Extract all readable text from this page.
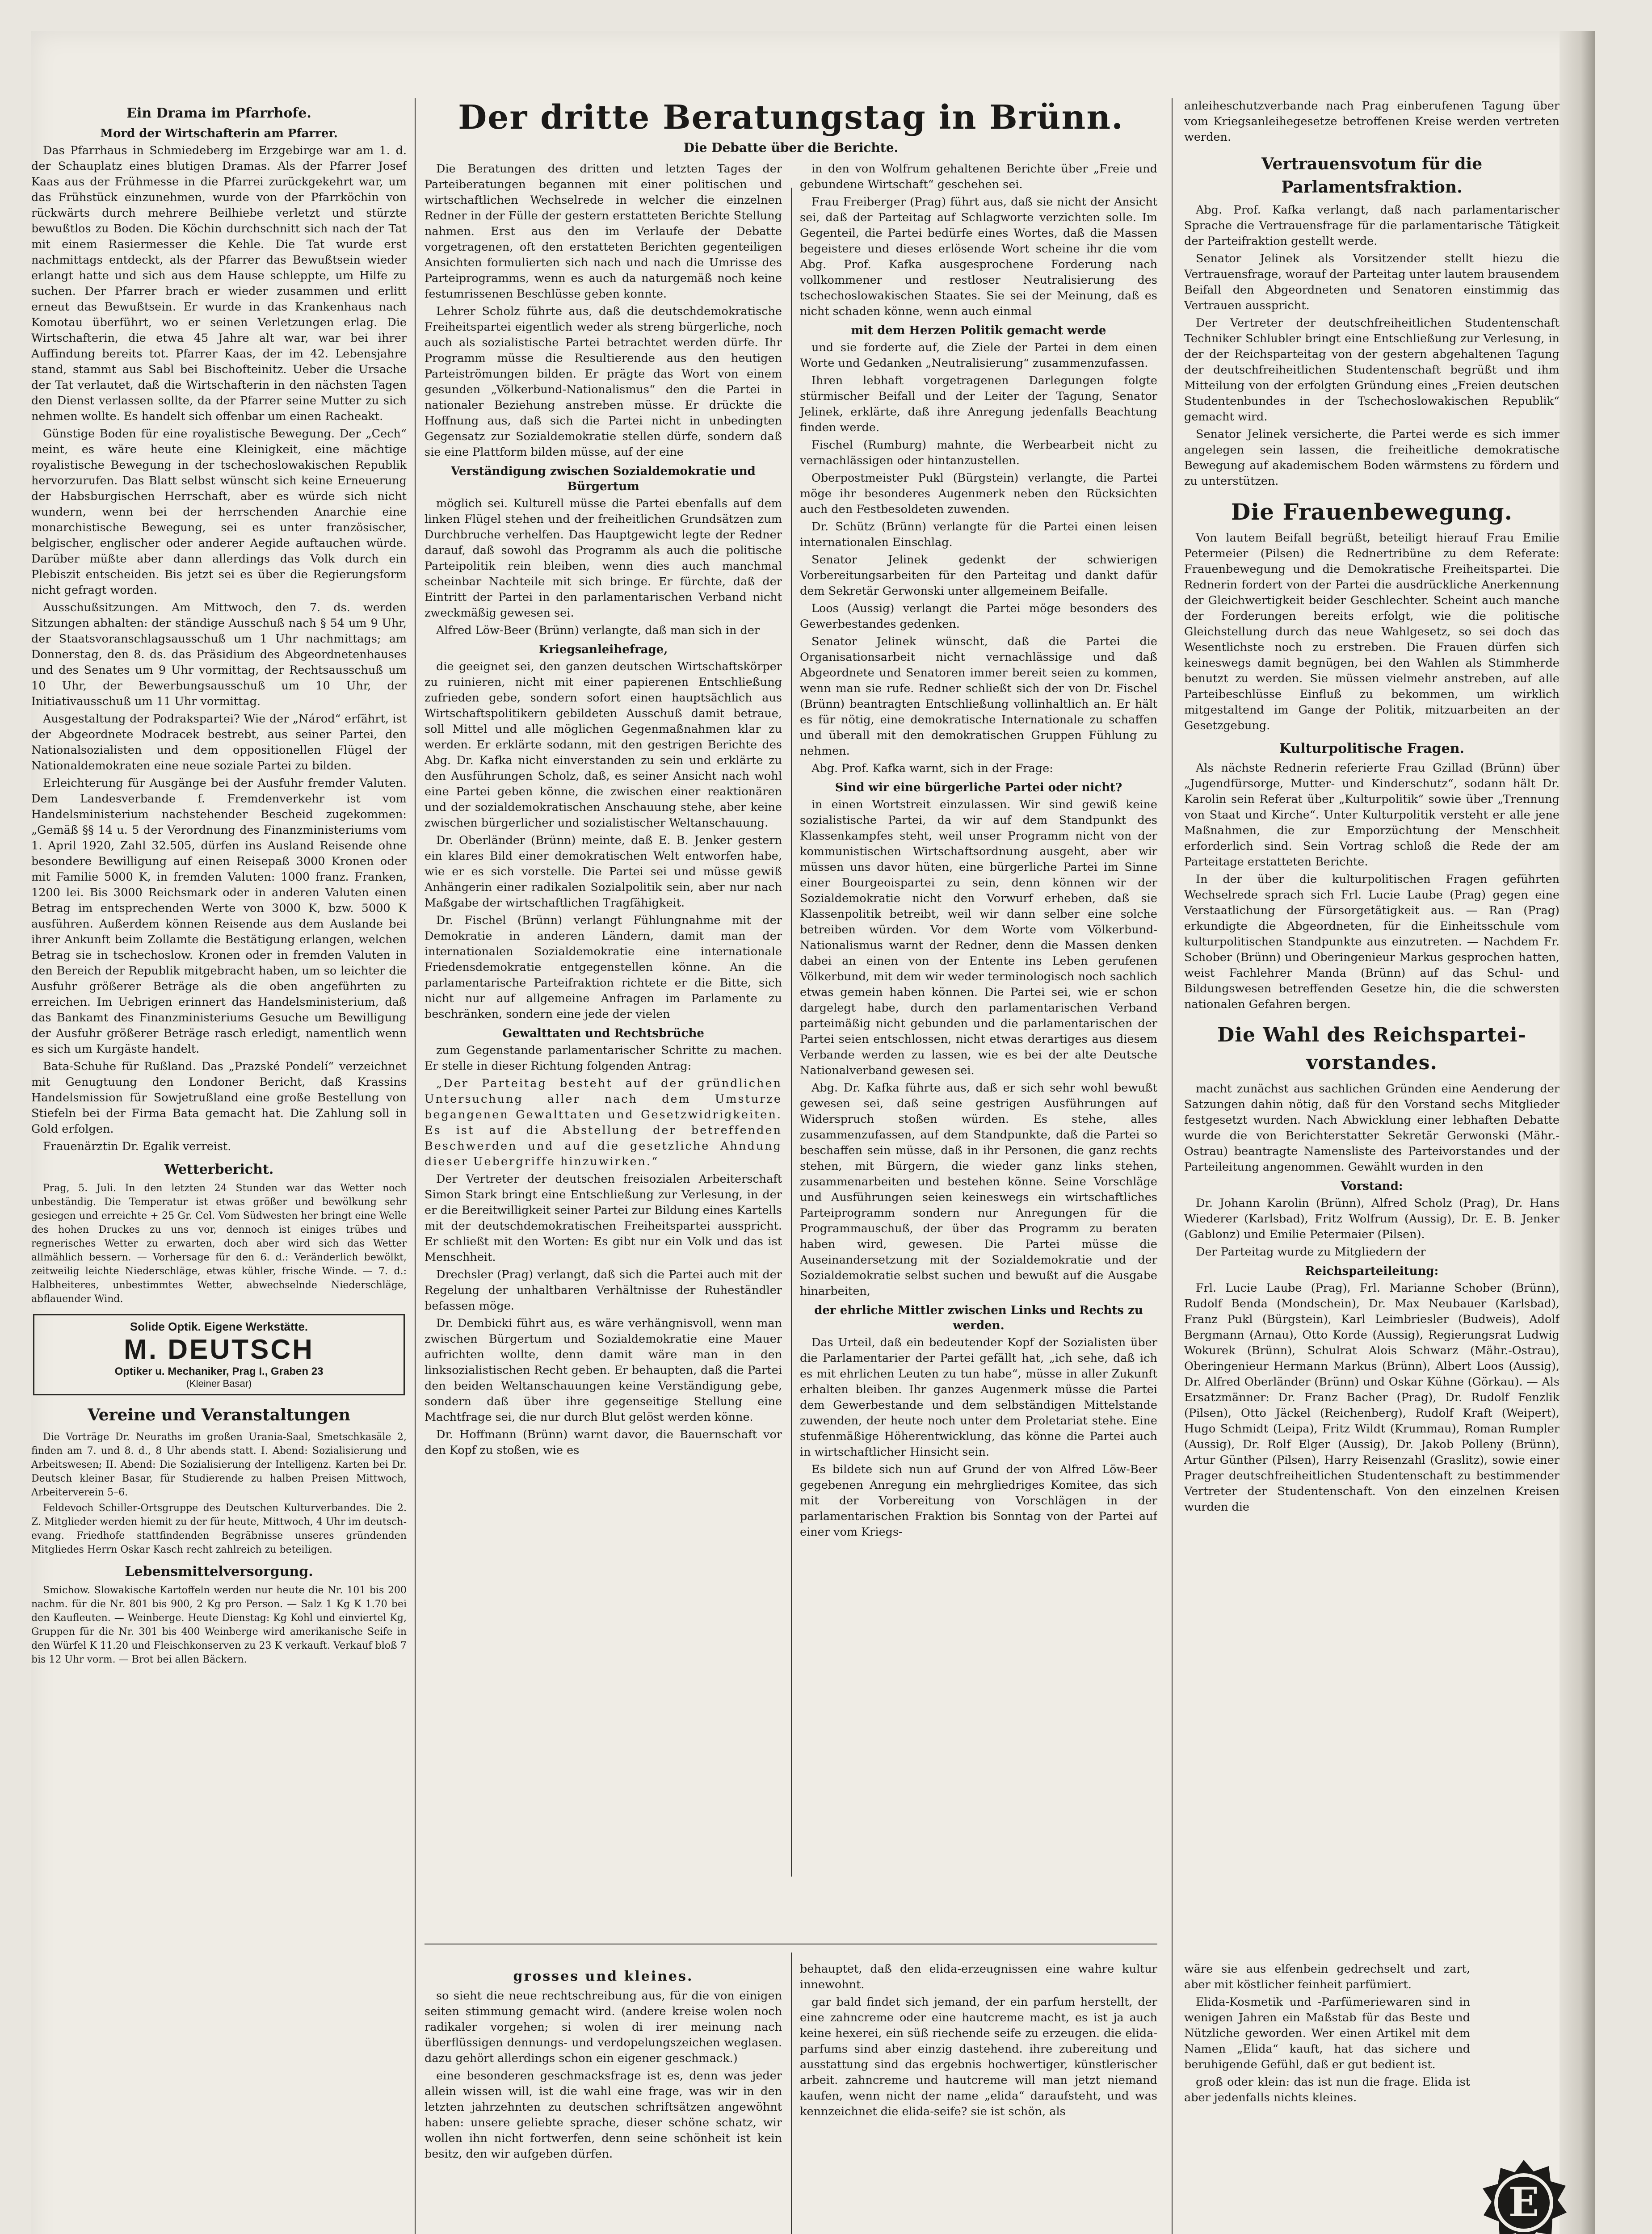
Ein Drama im Pfarrhofe.
Mord der Wirtschafterin am Pfarrer.

Das Pfarrhaus in Schmiedeberg im Erzgebirge war am 1. d. der Schauplatz eines blutigen Dramas. Als der Pfarrer Josef Kaas aus der Frühmesse in die Pfarrei zurückgekehrt war, um das Frühstück einzunehmen, wurde von der Pfarrköchin von rückwärts durch mehrere Beilhiebe verletzt und stürzte bewußtlos zu Boden. Die Köchin durchschnitt sich nach der Tat mit einem Rasiermesser die Kehle. Die Tat wurde erst nachmittags entdeckt, als der Pfarrer das Bewußtsein wieder erlangt hatte und sich aus dem Hause schleppte, um Hilfe zu suchen. Der Pfarrer brach er wieder zusammen und erlitt erneut das Bewußtsein. Er wurde in das Krankenhaus nach Komotau überführt, wo er seinen Verletzungen erlag. Die Wirtschafterin, die etwa 45 Jahre alt war, war bei ihrer Auffindung bereits tot. Pfarrer Kaas, der im 42. Lebensjahre stand, stammt aus Sabl bei Bischofteinitz. Ueber die Ursache der Tat verlautet, daß die Wirtschafterin in den nächsten Tagen den Dienst verlassen sollte, da der Pfarrer seine Mutter zu sich nehmen wollte. Es handelt sich offenbar um einen Racheakt.

Günstige Boden für eine royalistische Bewegung. Der „Cech“ meint, es wäre heute eine Kleinigkeit, eine mächtige royalistische Bewegung in der tschechoslowakischen Republik hervorzurufen. Das Blatt selbst wünscht sich keine Erneuerung der Habsburgischen Herrschaft, aber es würde sich nicht wundern, wenn bei der herrschenden Anarchie eine monarchistische Bewegung, sei es unter französischer, belgischer, englischer oder anderer Aegide auftauchen würde. Darüber müßte aber dann allerdings das Volk durch ein Plebiszit entscheiden. Bis jetzt sei es über die Regierungsform nicht gefragt worden.

Ausschußsitzungen. Am Mittwoch, den 7. ds. werden Sitzungen abhalten: der ständige Ausschuß nach § 54 um 9 Uhr, der Staatsvoranschlagsausschuß um 1 Uhr nachmittags; am Donnerstag, den 8. ds. das Präsidium des Abgeordnetenhauses und des Senates um 9 Uhr vormittag, der Rechtsausschuß um 10 Uhr, der Bewerbungsausschuß um 10 Uhr, der Initiativausschuß um 11 Uhr vormittag.

Ausgestaltung der Podrakspartei? Wie der „Národ“ erfährt, ist der Abgeordnete Modracek bestrebt, aus seiner Partei, den Nationalsozialisten und dem oppositionellen Flügel der Nationaldemokraten eine neue soziale Partei zu bilden.

Erleichterung für Ausgänge bei der Ausfuhr fremder Valuten. Dem Landesverbande f. Fremdenverkehr ist vom Handelsministerium nachstehender Bescheid zugekommen: „Gemäß §§ 14 u. 5 der Verordnung des Finanzministeriums vom 1. April 1920, Zahl 32.505, dürfen ins Ausland Reisende ohne besondere Bewilligung auf einen Reisepaß 3000 Kronen oder mit Familie 5000 K, in fremden Valuten: 1000 franz. Franken, 1200 lei. Bis 3000 Reichsmark oder in anderen Valuten einen Betrag im entsprechenden Werte von 3000 K, bzw. 5000 K ausführen. Außerdem können Reisende aus dem Auslande bei ihrer Ankunft beim Zollamte die Bestätigung erlangen, welchen Betrag sie in tschechoslow. Kronen oder in fremden Valuten in den Bereich der Republik mitgebracht haben, um so leichter die Ausfuhr größerer Beträge als die oben angeführten zu erreichen. Im Uebrigen erinnert das Handelsministerium, daß das Bankamt des Finanzministeriums Gesuche um Bewilligung der Ausfuhr größerer Beträge rasch erledigt, namentlich wenn es sich um Kurgäste handelt.

Bata-Schuhe für Rußland. Das „Prazské Pondelí“ verzeichnet mit Genugtuung den Londoner Bericht, daß Krassins Handelsmission für Sowjetrußland eine große Bestellung von Stiefeln bei der Firma Bata gemacht hat. Die Zahlung soll in Gold erfolgen.

Frauenärztin Dr. Egalik verreist.

Wetterbericht.

Prag, 5. Juli. In den letzten 24 Stunden war das Wetter noch unbeständig. Die Temperatur ist etwas größer und bewölkung sehr gesiegen und erreichte + 25 Gr. Cel. Vom Südwesten her bringt eine Welle des hohen Druckes zu uns vor, dennoch ist einiges trübes und regnerisches Wetter zu erwarten, doch aber wird sich das Wetter allmählich bessern. — Vorhersage für den 6. d.: Veränderlich bewölkt, zeitweilig leichte Niederschläge, etwas kühler, frische Winde. — 7. d.: Halbheiteres, unbestimmtes Wetter, abwechselnde Niederschläge, abflauender Wind.

Solide Optik. Eigene Werkstätte.
M. DEUTSCH
Optiker u. Mechaniker, Prag I., Graben 23
(Kleiner Basar)
Vereine und Veranstaltungen

Die Vorträge Dr. Neuraths im großen Urania-Saal, Smetschkasäle 2, finden am 7. und 8. d., 8 Uhr abends statt. I. Abend: Sozialisierung und Arbeitswesen; II. Abend: Die Sozialisierung der Intelligenz. Karten bei Dr. Deutsch kleiner Basar, für Studierende zu halben Preisen Mittwoch, Arbeiterverein 5–6.

Feldevoch Schiller-Ortsgruppe des Deutschen Kulturverbandes. Die 2. Z. Mitglieder werden hiemit zu der für heute, Mittwoch, 4 Uhr im deutsch-evang. Friedhofe stattfindenden Begräbnisse unseres gründenden Mitgliedes Herrn Oskar Kasch recht zahlreich zu beteiligen.

Lebensmittelversorgung.

Smichow. Slowakische Kartoffeln werden nur heute die Nr. 101 bis 200 nachm. für die Nr. 801 bis 900, 2 Kg pro Person. — Salz 1 Kg K 1.70 bei den Kaufleuten. — Weinberge. Heute Dienstag: Kg Kohl und einviertel Kg, Gruppen für die Nr. 301 bis 400 Weinberge wird amerikanische Seife in den Würfel K 11.20 und Fleischkonserven zu 23 K verkauft. Verkauf bloß 7 bis 12 Uhr vorm. — Brot bei allen Bäckern.

Der dritte Beratungstag in Brünn.
Die Debatte über die Berichte.

Die Beratungen des dritten und letzten Tages der Parteiberatungen begannen mit einer politischen und wirtschaftlichen Wechselrede in welcher die einzelnen Redner in der Fülle der gestern erstatteten Berichte Stellung nahmen. Erst aus den im Verlaufe der Debatte vorgetragenen, oft den erstatteten Berichten gegenteiligen Ansichten formulierten sich nach und nach die Umrisse des Parteiprogramms, wenn es auch da naturgemäß noch keine festumrissenen Beschlüsse geben konnte.

Lehrer Scholz führte aus, daß die deutschdemokratische Freiheitspartei eigentlich weder als streng bürgerliche, noch auch als sozialistische Partei betrachtet werden dürfe. Ihr Programm müsse die Resultierende aus den heutigen Parteiströmungen bilden. Er prägte das Wort von einem gesunden „Völkerbund-Nationalismus“ den die Partei in nationaler Beziehung anstreben müsse. Er drückte die Hoffnung aus, daß sich die Partei nicht in unbedingten Gegensatz zur Sozialdemokratie stellen dürfe, sondern daß sie eine Plattform bilden müsse, auf der eine

Verständigung zwischen Sozialdemokratie und Bürgertum

möglich sei. Kulturell müsse die Partei ebenfalls auf dem linken Flügel stehen und der freiheitlichen Grundsätzen zum Durchbruche verhelfen. Das Hauptgewicht legte der Redner darauf, daß sowohl das Programm als auch die politische Parteipolitik rein bleiben, wenn dies auch manchmal scheinbar Nachteile mit sich bringe. Er fürchte, daß der Eintritt der Partei in den parlamentarischen Verband nicht zweckmäßig gewesen sei.

Alfred Löw-Beer (Brünn) verlangte, daß man sich in der

Kriegsanleihefrage,

die geeignet sei, den ganzen deutschen Wirtschaftskörper zu ruinieren, nicht mit einer papierenen Entschließung zufrieden gebe, sondern sofort einen hauptsächlich aus Wirtschaftspolitikern gebildeten Ausschuß damit betraue, soll Mittel und alle möglichen Gegenmaßnahmen klar zu werden. Er erklärte sodann, mit den gestrigen Berichte des Abg. Dr. Kafka nicht einverstanden zu sein und erklärte zu den Ausführungen Scholz, daß, es seiner Ansicht nach wohl eine Partei geben könne, die zwischen einer reaktionären und der sozialdemokratischen Anschauung stehe, aber keine zwischen bürgerlicher und sozialistischer Weltanschauung.

Dr. Oberländer (Brünn) meinte, daß E. B. Jenker gestern ein klares Bild einer demokratischen Welt entworfen habe, wie er es sich vorstelle. Die Partei sei und müsse gewiß Anhängerin einer radikalen Sozialpolitik sein, aber nur nach Maßgabe der wirtschaftlichen Tragfähigkeit.

Dr. Fischel (Brünn) verlangt Fühlungnahme mit der Demokratie in anderen Ländern, damit man der internationalen Sozialdemokratie eine internationale Friedensdemokratie entgegenstellen könne. An die parlamentarische Parteifraktion richtete er die Bitte, sich nicht nur auf allgemeine Anfragen im Parlamente zu beschränken, sondern eine jede der vielen

Gewalttaten und Rechtsbrüche

zum Gegenstande parlamentarischer Schritte zu machen. Er stelle in dieser Richtung folgenden Antrag:

„Der Parteitag besteht auf der gründlichen Untersuchung aller nach dem Umsturze begangenen Gewalttaten und Gesetzwidrigkeiten. Es ist auf die Abstellung der betreffenden Beschwerden und auf die gesetzliche Ahndung dieser Uebergriffe hinzuwirken.“

Der Vertreter der deutschen freisozialen Arbeiterschaft Simon Stark bringt eine Entschließung zur Verlesung, in der er die Bereitwilligkeit seiner Partei zur Bildung eines Kartells mit der deutschdemokratischen Freiheitspartei ausspricht. Er schließt mit den Worten: Es gibt nur ein Volk und das ist Menschheit.

Drechsler (Prag) verlangt, daß sich die Partei auch mit der Regelung der unhaltbaren Verhältnisse der Ruheständler befassen möge.

Dr. Dembicki führt aus, es wäre verhängnisvoll, wenn man zwischen Bürgertum und Sozialdemokratie eine Mauer aufrichten wollte, denn damit wäre man in den linksozialistischen Recht geben. Er behaupten, daß die Partei den beiden Weltanschauungen keine Verständigung gebe, sondern daß über ihre gegenseitige Stellung eine Machtfrage sei, die nur durch Blut gelöst werden könne.

Dr. Hoffmann (Brünn) warnt davor, die Bauernschaft vor den Kopf zu stoßen, wie es

in den von Wolfrum gehaltenen Berichte über „Freie und gebundene Wirtschaft“ geschehen sei.

Frau Freiberger (Prag) führt aus, daß sie nicht der Ansicht sei, daß der Parteitag auf Schlagworte verzichten solle. Im Gegenteil, die Partei bedürfe eines Wortes, daß die Massen begeistere und dieses erlösende Wort scheine ihr die vom Abg. Prof. Kafka ausgesprochene Forderung nach vollkommener und restloser Neutralisierung des tschechoslowakischen Staates. Sie sei der Meinung, daß es nicht schaden könne, wenn auch einmal

mit dem Herzen Politik gemacht werde

und sie forderte auf, die Ziele der Partei in dem einen Worte und Gedanken „Neutralisierung“ zusammenzufassen.

Ihren lebhaft vorgetragenen Darlegungen folgte stürmischer Beifall und der Leiter der Tagung, Senator Jelinek, erklärte, daß ihre Anregung jedenfalls Beachtung finden werde.

Fischel (Rumburg) mahnte, die Werbearbeit nicht zu vernachlässigen oder hintanzustellen.

Oberpostmeister Pukl (Bürgstein) verlangte, die Partei möge ihr besonderes Augenmerk neben den Rücksichten auch den Festbesoldeten zuwenden.

Dr. Schütz (Brünn) verlangte für die Partei einen leisen internationalen Einschlag.

Senator Jelinek gedenkt der schwierigen Vorbereitungsarbeiten für den Parteitag und dankt dafür dem Sekretär Gerwonski unter allgemeinem Beifalle.

Loos (Aussig) verlangt die Partei möge besonders des Gewerbestandes gedenken.

Senator Jelinek wünscht, daß die Partei die Organisationsarbeit nicht vernachlässige und daß Abgeordnete und Senatoren immer bereit seien zu kommen, wenn man sie rufe. Redner schließt sich der von Dr. Fischel (Brünn) beantragten Entschließung vollinhaltlich an. Er hält es für nötig, eine demokratische Internationale zu schaffen und überall mit den demokratischen Gruppen Fühlung zu nehmen.

Abg. Prof. Kafka warnt, sich in der Frage:

Sind wir eine bürgerliche Partei oder nicht?

in einen Wortstreit einzulassen. Wir sind gewiß keine sozialistische Partei, da wir auf dem Standpunkt des Klassenkampfes steht, weil unser Programm nicht von der kommunistischen Wirtschaftsordnung ausgeht, aber wir müssen uns davor hüten, eine bürgerliche Partei im Sinne einer Bourgeoispartei zu sein, denn können wir der Sozialdemokratie nicht den Vorwurf erheben, daß sie Klassenpolitik betreibt, weil wir dann selber eine solche betreiben würden. Vor dem Worte vom Völkerbund-Nationalismus warnt der Redner, denn die Massen denken dabei an einen von der Entente ins Leben gerufenen Völkerbund, mit dem wir weder terminologisch noch sachlich etwas gemein haben können. Die Partei sei, wie er schon dargelegt habe, durch den parlamentarischen Verband parteimäßig nicht gebunden und die parlamentarischen der Partei seien entschlossen, nicht etwas derartiges aus diesem Verbande werden zu lassen, wie es bei der alte Deutsche Nationalverband gewesen sei.

Abg. Dr. Kafka führte aus, daß er sich sehr wohl bewußt gewesen sei, daß seine gestrigen Ausführungen auf Widerspruch stoßen würden. Es stehe, alles zusammenzufassen, auf dem Standpunkte, daß die Partei so beschaffen sein müsse, daß in ihr Personen, die ganz rechts stehen, mit Bürgern, die wieder ganz links stehen, zusammenarbeiten und bestehen könne. Seine Vorschläge und Ausführungen seien keineswegs ein wirtschaftliches Parteiprogramm sondern nur Anregungen für die Programmauschuß, der über das Programm zu beraten haben wird, gewesen. Die Partei müsse die Auseinandersetzung mit der Sozialdemokratie und der Sozialdemokratie selbst suchen und bewußt auf die Ausgabe hinarbeiten,

der ehrliche Mittler zwischen Links und Rechts zu werden.

Das Urteil, daß ein bedeutender Kopf der Sozialisten über die Parlamentarier der Partei gefällt hat, „ich sehe, daß ich es mit ehrlichen Leuten zu tun habe“, müsse in aller Zukunft erhalten bleiben. Ihr ganzes Augenmerk müsse die Partei dem Gewerbestande und dem selbständigen Mittelstande zuwenden, der heute noch unter dem Proletariat stehe. Eine stufenmäßige Höherentwicklung, das könne die Partei auch in wirtschaftlicher Hinsicht sein.

Es bildete sich nun auf Grund der von Alfred Löw-Beer gegebenen Anregung ein mehrgliedriges Komitee, das sich mit der Vorbereitung von Vorschlägen in der parlamentarischen Fraktion bis Sonntag von der Partei auf einer vom Kriegs-

anleiheschutzverbande nach Prag einberufenen Tagung über vom Kriegsanleihegesetze betroffenen Kreise werden vertreten werden.

Vertrauensvotum für die Parlamentsfraktion.

Abg. Prof. Kafka verlangt, daß nach parlamentarischer Sprache die Vertrauensfrage für die parlamentarische Tätigkeit der Parteifraktion gestellt werde.

Senator Jelinek als Vorsitzender stellt hiezu die Vertrauensfrage, worauf der Parteitag unter lautem brausendem Beifall den Abgeordneten und Senatoren einstimmig das Vertrauen ausspricht.

Der Vertreter der deutschfreiheitlichen Studentenschaft Techniker Schlubler bringt eine Entschließung zur Verlesung, in der der Reichsparteitag von der gestern abgehaltenen Tagung der deutschfreiheitlichen Studentenschaft begrüßt und ihm Mitteilung von der erfolgten Gründung eines „Freien deutschen Studentenbundes in der Tschechoslowakischen Republik“ gemacht wird.

Senator Jelinek versicherte, die Partei werde es sich immer angelegen sein lassen, die freiheitliche demokratische Bewegung auf akademischem Boden wärmstens zu fördern und zu unterstützen.

Die Frauenbewegung.

Von lautem Beifall begrüßt, beteiligt hierauf Frau Emilie Petermeier (Pilsen) die Rednertribüne zu dem Referate: Frauenbewegung und die Demokratische Freiheitspartei. Die Rednerin fordert von der Partei die ausdrückliche Anerkennung der Gleichwertigkeit beider Geschlechter. Scheint auch manche der Forderungen bereits erfolgt, wie die politische Gleichstellung durch das neue Wahlgesetz, so sei doch das Wesentlichste noch zu erstreben. Die Frauen dürfen sich keineswegs damit begnügen, bei den Wahlen als Stimmherde benutzt zu werden. Sie müssen vielmehr anstreben, auf alle Parteibeschlüsse Einfluß zu bekommen, um wirklich mitgestaltend im Gange der Politik, mitzuarbeiten an der Gesetzgebung.

Kulturpolitische Fragen.

Als nächste Rednerin referierte Frau Gzillad (Brünn) über „Jugendfürsorge, Mutter- und Kinderschutz“, sodann hält Dr. Karolin sein Referat über „Kulturpolitik“ sowie über „Trennung von Staat und Kirche“. Unter Kulturpolitik versteht er alle jene Maßnahmen, die zur Emporzüchtung der Menschheit erforderlich sind. Sein Vortrag schloß die Rede der am Parteitage erstatteten Berichte.

In der über die kulturpolitischen Fragen geführten Wechselrede sprach sich Frl. Lucie Laube (Prag) gegen eine Verstaatlichung der Fürsorgetätigkeit aus. — Ran (Prag) erkundigte die Abgeordneten, für die Einheitsschule vom kulturpolitischen Standpunkte aus einzutreten. — Nachdem Fr. Schober (Brünn) und Oberingenieur Markus gesprochen hatten, weist Fachlehrer Manda (Brünn) auf das Schul- und Bildungswesen betreffenden Gesetze hin, die die schwersten nationalen Gefahren bergen.

Die Wahl des Reichspartei-vorstandes.

macht zunächst aus sachlichen Gründen eine Aenderung der Satzungen dahin nötig, daß für den Vorstand sechs Mitglieder festgesetzt wurden. Nach Abwicklung einer lebhaften Debatte wurde die von Berichterstatter Sekretär Gerwonski (Mähr.-Ostrau) beantragte Namensliste des Parteivorstandes und der Parteileitung angenommen. Gewählt wurden in den

Vorstand:

Dr. Johann Karolin (Brünn), Alfred Scholz (Prag), Dr. Hans Wiederer (Karlsbad), Fritz Wolfrum (Aussig), Dr. E. B. Jenker (Gablonz) und Emilie Petermaier (Pilsen).

Der Parteitag wurde zu Mitgliedern der

Reichsparteileitung:

Frl. Lucie Laube (Prag), Frl. Marianne Schober (Brünn), Rudolf Benda (Mondschein), Dr. Max Neubauer (Karlsbad), Franz Pukl (Bürgstein), Karl Leimbriesler (Budweis), Adolf Bergmann (Arnau), Otto Korde (Aussig), Regierungsrat Ludwig Wokurek (Brünn), Schulrat Alois Schwarz (Mähr.-Ostrau), Oberingenieur Hermann Markus (Brünn), Albert Loos (Aussig), Dr. Alfred Oberländer (Brünn) und Oskar Kühne (Görkau). — Als Ersatzmänner: Dr. Franz Bacher (Prag), Dr. Rudolf Fenzlik (Pilsen), Otto Jäckel (Reichenberg), Rudolf Kraft (Weipert), Hugo Schmidt (Leipa), Fritz Wildt (Krummau), Roman Rumpler (Aussig), Dr. Rolf Elger (Aussig), Dr. Jakob Polleny (Brünn), Artur Günther (Pilsen), Harry Reisenzahl (Graslitz), sowie einer Prager deutschfreiheitlichen Studentenschaft zu bestimmender Vertreter der Studentenschaft. Von den einzelnen Kreisen wurden die

grosses und kleines.

so sieht die neue rechtschreibung aus, für die von einigen seiten stimmung gemacht wird. (andere kreise wolen noch radikaler vorgehen; si wolen di irer meinung nach überflüssigen dennungs- und verdopelungszeichen weglasen. dazu gehört allerdings schon ein eigener geschmack.)

eine besonderen geschmacksfrage ist es, denn was jeder allein wissen will, ist die wahl eine frage, was wir in den letzten jahrzehnten zu deutschen schriftsätzen angewöhnt haben: unsere geliebte sprache, dieser schöne schatz, wir wollen ihn nicht fortwerfen, denn seine schönheit ist kein besitz, den wir aufgeben dürfen.

behauptet, daß den elida-erzeugnissen eine wahre kultur innewohnt.

gar bald findet sich jemand, der ein parfum herstellt, der eine zahncreme oder eine hautcreme macht, es ist ja auch keine hexerei, ein süß riechende seife zu erzeugen. die elida-parfums sind aber einzig dastehend. ihre zubereitung und ausstattung sind das ergebnis hochwertiger, künstlerischer arbeit. zahncreme und hautcreme will man jetzt niemand kaufen, wenn nicht der name „elida“ daraufsteht, und was kennzeichnet die elida-seife? sie ist schön, als

wäre sie aus elfenbein gedrechselt und zart, aber mit köstlicher feinheit parfümiert.

Elida-Kosmetik und -Parfümeriewaren sind in wenigen Jahren ein Maßstab für das Beste und Nützliche geworden. Wer einen Artikel mit dem Namen „Elida“ kauft, hat das sichere und beruhigende Gefühl, daß er gut bedient ist.

groß oder klein: das ist nun die frage. Elida ist aber jedenfalls nichts kleines.

E
